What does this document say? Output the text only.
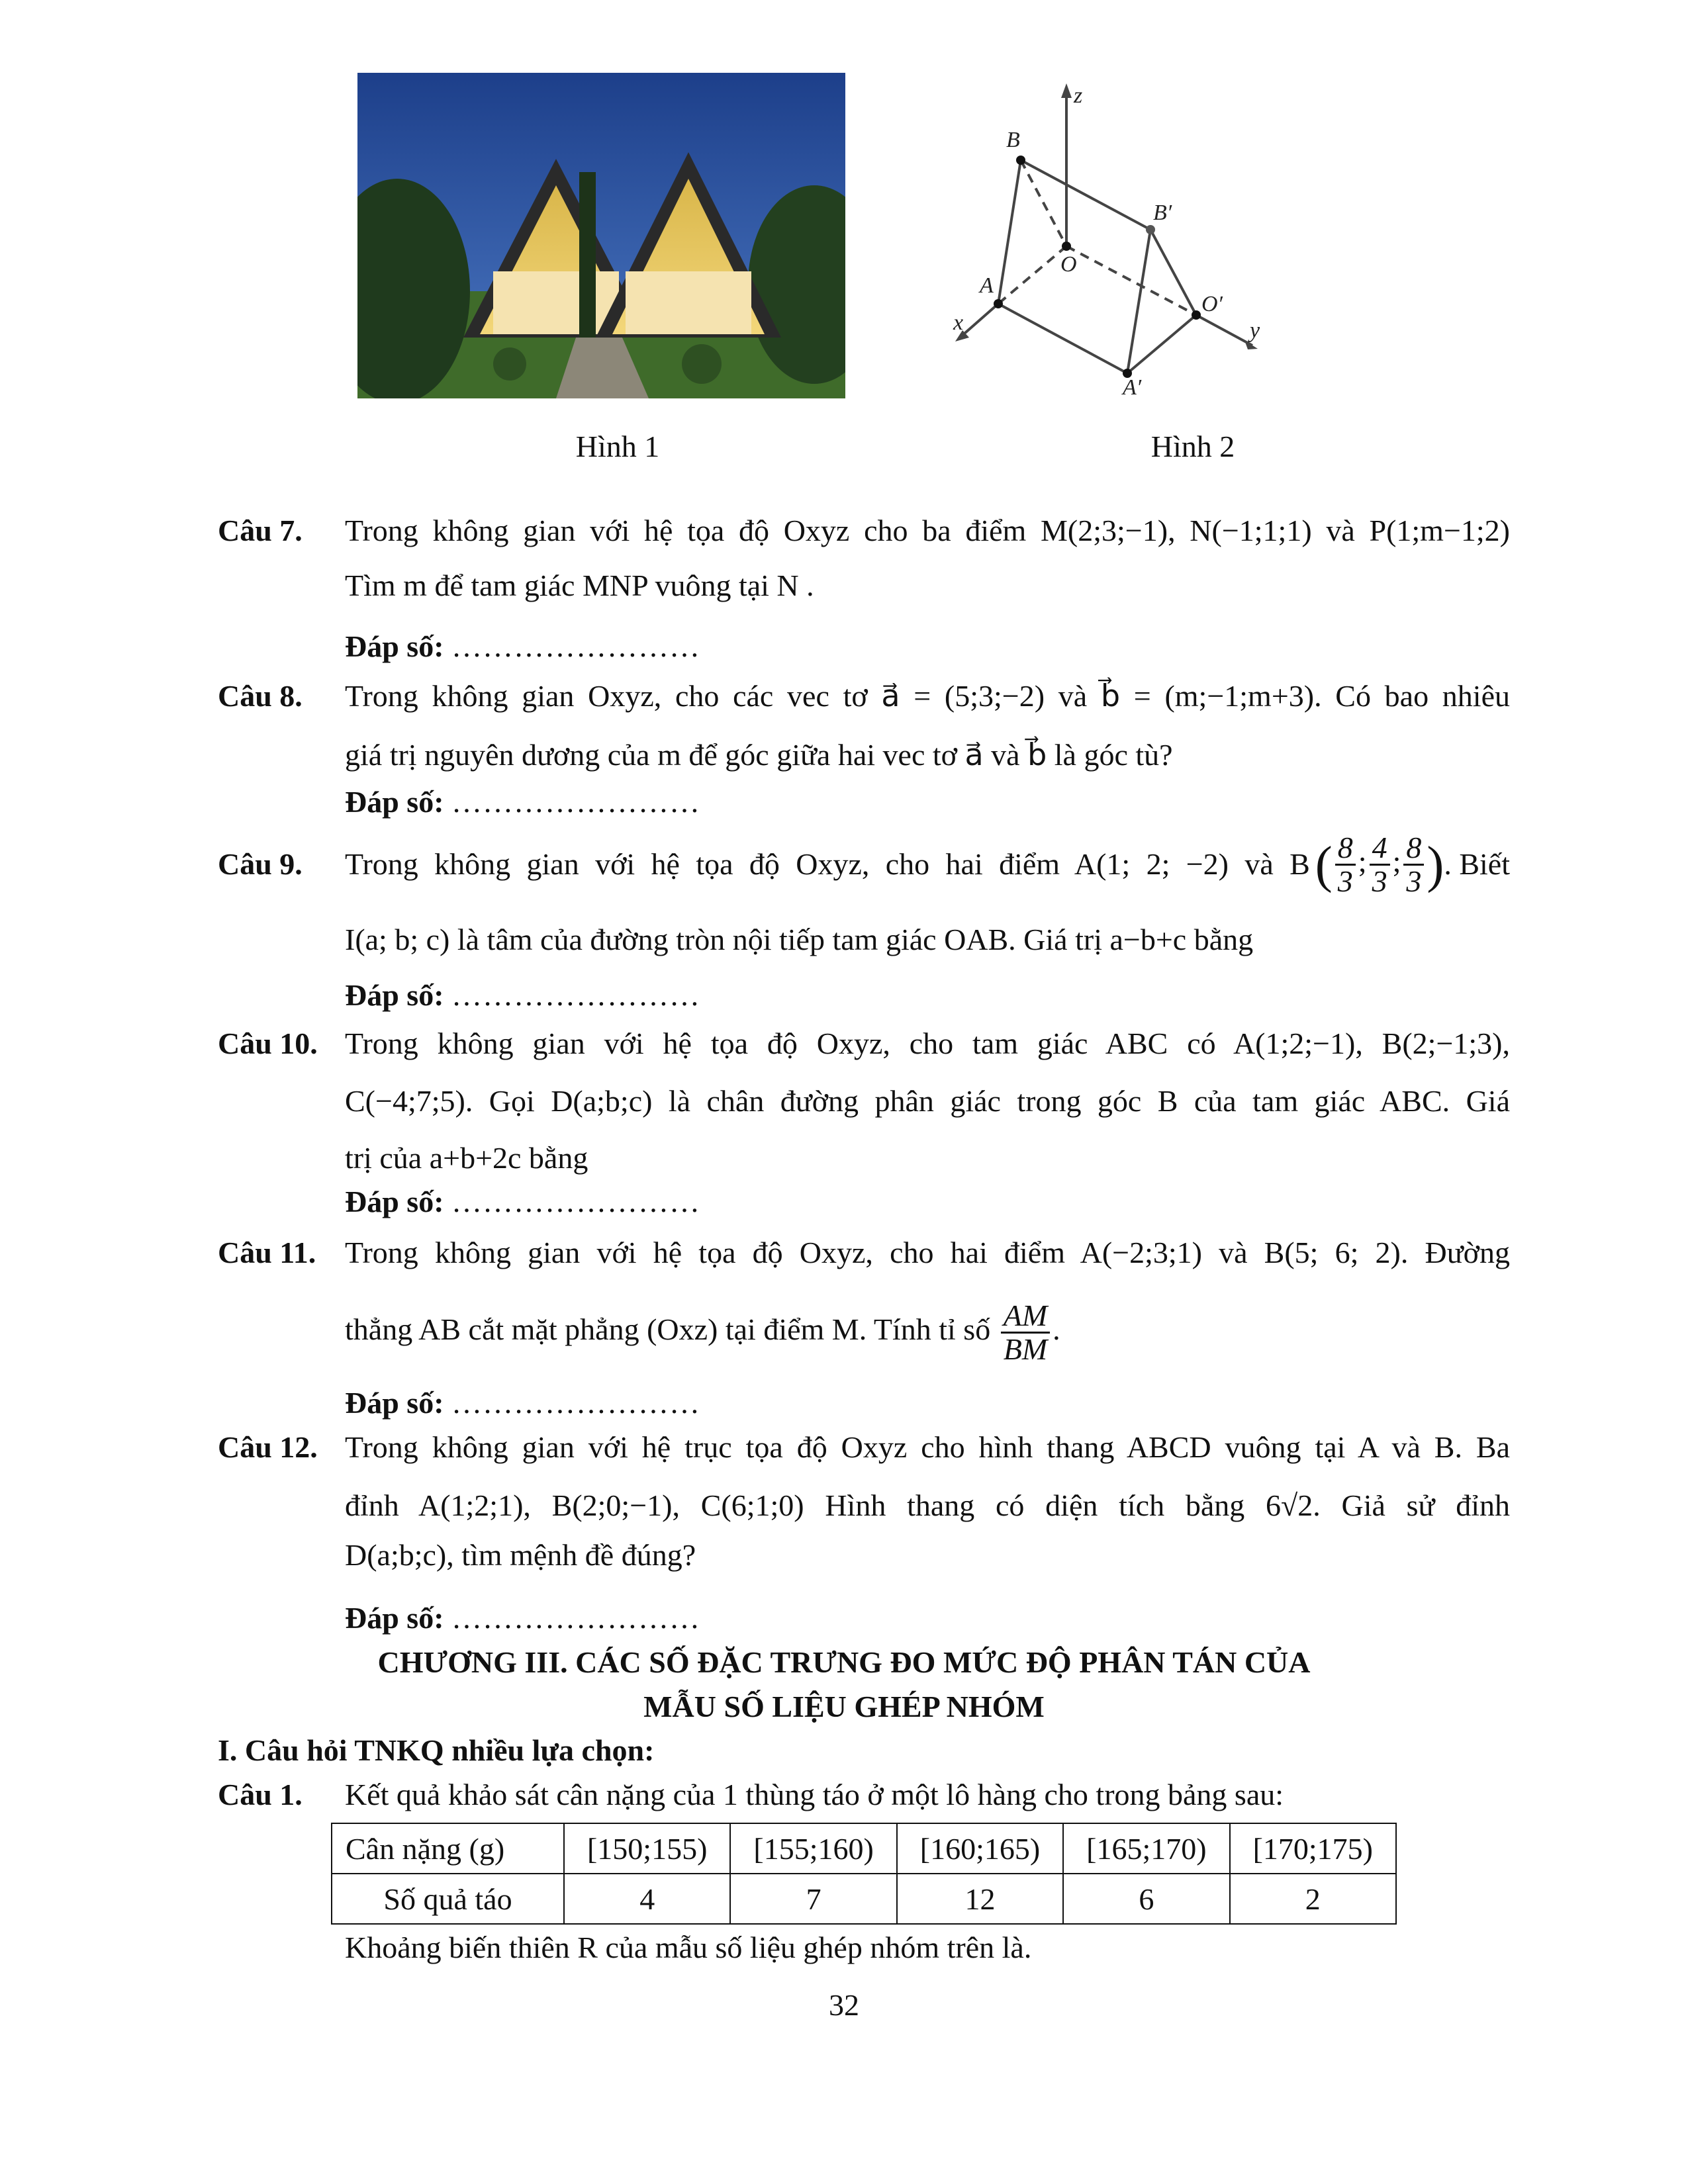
z
B
B′
O
A
O′
x	y
A′
Hình 1	Hình 2
Câu 7. Trong không gian với hệ tọa độ Oxyz cho ba điểm M(2;3;−1), N(−1;1;1) và P(1;m−1;2)
Tìm m để tam giác MNP vuông tại N .
Đáp số: ……………………
Câu 8. Trong không gian Oxyz, cho các vec tơ a⃗ = (5;3;−2) và b⃗ = (m;−1;m+3). Có bao nhiêu
giá trị nguyên dương của m để góc giữa hai vec tơ a⃗ và b⃗ là góc tù?
Đáp số: ……………………
Câu 9. Trong không gian với hệ tọa độ Oxyz, cho hai điểm A(1; 2; −2) và B ( $\frac{8}{3}$ ; $\frac{4}{3}$ ; $\frac{8}{3}$ ) . Biết
I(a; b; c) là tâm của đường tròn nội tiếp tam giác OAB. Giá trị a−b+c bằng
Đáp số: ……………………
Câu 10. Trong không gian với hệ tọa độ Oxyz, cho tam giác ABC có A(1;2;−1), B(2;−1;3),
C(−4;7;5). Gọi D(a;b;c) là chân đường phân giác trong góc B của tam giác ABC. Giá
trị của a+b+2c bằng
Đáp số: ……………………
Câu 11. Trong không gian với hệ tọa độ Oxyz, cho hai điểm A(−2;3;1) và B(5; 6; 2). Đường
thẳng AB cắt mặt phẳng (Oxz) tại điểm M. Tính tỉ số $\frac{AM}{BM}$ .
Đáp số: ……………………
Câu 12. Trong không gian với hệ trục tọa độ Oxyz cho hình thang ABCD vuông tại A và B. Ba
đỉnh A(1;2;1), B(2;0;−1), C(6;1;0) Hình thang có diện tích bằng 6√2. Giả sử đỉnh
D(a;b;c), tìm mệnh đề đúng?
Đáp số: ……………………
CHƯƠNG III. CÁC SỐ ĐẶC TRƯNG ĐO MỨC ĐỘ PHÂN TÁN CỦA
MẪU SỐ LIỆU GHÉP NHÓM
I. Câu hỏi TNKQ nhiều lựa chọn:
Câu 1. Kết quả khảo sát cân nặng của 1 thùng táo ở một lô hàng cho trong bảng sau:
Cân nặng (g)	[150;155)	[155;160)	[160;165)	[165;170)	[170;175)
Số quả táo	4	7	12	6	2
Khoảng biến thiên R của mẫu số liệu ghép nhóm trên là.
32
